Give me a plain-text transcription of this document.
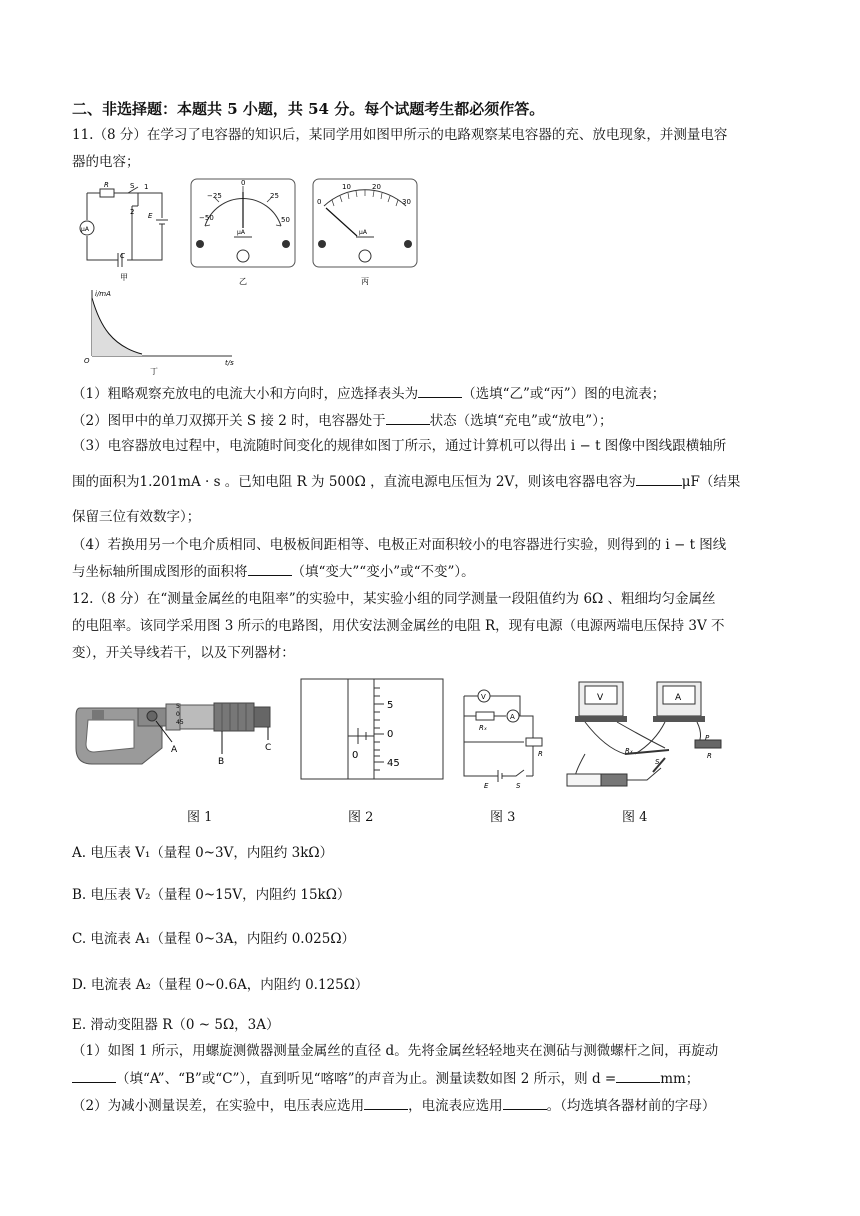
二、非选择题：本题共 5 小题，共 54 分。每个试题考生都必须作答。
11.（8 分）在学习了电容器的知识后，某同学用如图甲所示的电路观察某电容器的充、放电现象，并测量电容
器的电容；
R	S 1
2 E
C
μA
甲
−50
−25
0
25
50
μA
乙
0
10	20
30
μA
丙
i/mA
t/s
O
丁
（1）粗略观察充放电的电流大小和方向时，应选择表头为	（选填“乙”或“丙”）图的电流表；
（2）图甲中的单刀双掷开关 S 接 2 时，电容器处于	状态（选填“充电”或“放电”）；
（3）电容器放电过程中，电流随时间变化的规律如图丁所示，通过计算机可以得出 i − t 图像中图线跟横轴所
围的面积为1.201mA · s 。已知电阻 R 为 500Ω ，直流电源电压恒为 2V，则该电容器电容为	μF（结果
保留三位有效数字）；
（4）若换用另一个电介质相同、电极板间距相等、电极正对面积较小的电容器进行实验，则得到的 i − t 图线
与坐标轴所围成图形的面积将	（填“变大”“变小”或“不变”）。
12.（8 分）在“测量金属丝的电阻率”的实验中，某实验小组的同学测量一段阻值约为 6Ω 、粗细均匀金属丝
的电阻率。该同学采用图 3 所示的电路图，用伏安法测金属丝的电阻 R，现有电源（电源两端电压保持 3V 不
变），开关导线若干，以及下列器材：
5
0
45
A
B
C
5
0
45
0
V
A
Rₓ
R
E	S
V	A
Rₓ
P
R
S
图 1	图 2	图 3	图 4
A. 电压表 V₁（量程 0~3V，内阻约 3kΩ）
B. 电压表 V₂（量程 0~15V，内阻约 15kΩ）
C. 电流表 A₁（量程 0~3A，内阻约 0.025Ω）
D. 电流表 A₂（量程 0~0.6A，内阻约 0.125Ω）
E. 滑动变阻器 R（0 ~ 5Ω，3A）
（1）如图 1 所示，用螺旋测微器测量金属丝的直径 d。先将金属丝轻轻地夹在测砧与测微螺杆之间，再旋动
（填“A”、“B”或“C”），直到听见“喀喀”的声音为止。测量读数如图 2 所示，则 d =	mm；
（2）为减小测量误差，在实验中，电压表应选用	，电流表应选用	。（均选填各器材前的字母）
